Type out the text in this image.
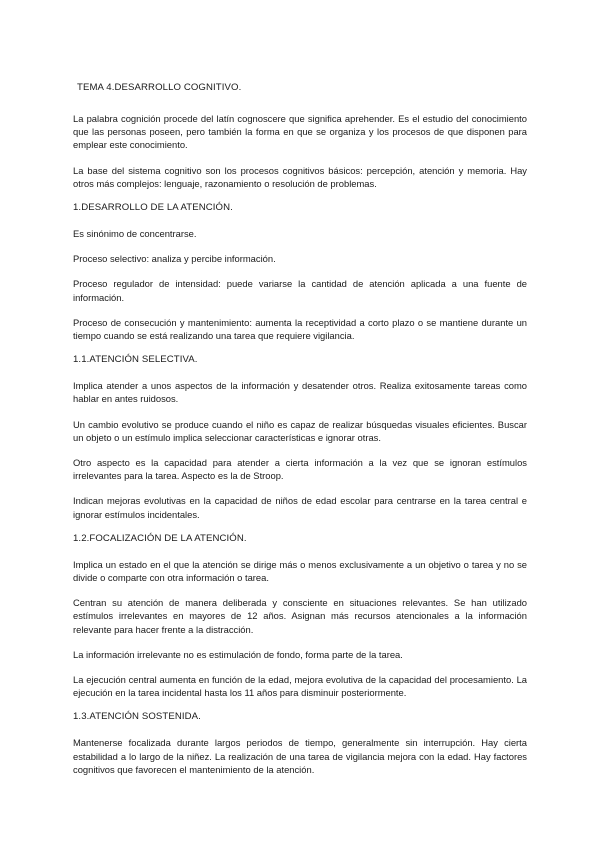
TEMA 4.DESARROLLO COGNITIVO.

La palabra cognición procede del latín cognoscere que significa aprehender. Es el estudio del conocimiento que las personas poseen, pero también la forma en que se organiza y los procesos de que disponen para emplear este conocimiento.

La base del sistema cognitivo son los procesos cognitivos básicos: percepción, atención y memoria. Hay otros más complejos: lenguaje, razonamiento o resolución de problemas.

1.DESARROLLO DE LA ATENCIÓN.

Es sinónimo de concentrarse.

Proceso selectivo: analiza y percibe información.

Proceso regulador de intensidad: puede variarse la cantidad de atención aplicada a una fuente de información.

Proceso de consecución y mantenimiento: aumenta la receptividad a corto plazo o se mantiene durante un tiempo cuando se está realizando una tarea que requiere vigilancia.

1.1.ATENCIÓN SELECTIVA.

Implica atender a unos aspectos de la información y desatender otros. Realiza exitosamente tareas como hablar en antes ruidosos.

Un cambio evolutivo se produce cuando el niño es capaz de realizar búsquedas visuales eficientes. Buscar un objeto o un estímulo implica seleccionar características e ignorar otras.

Otro aspecto es la capacidad para atender a cierta información a la vez que se ignoran estímulos irrelevantes para la tarea. Aspecto es la de Stroop.

Indican mejoras evolutivas en la capacidad de niños de edad escolar para centrarse en la tarea central e ignorar estímulos incidentales.

1.2.FOCALIZACIÓN DE LA ATENCIÓN.

Implica un estado en el que la atención se dirige más o menos exclusivamente a un objetivo o tarea y no se divide o comparte con otra información o tarea.

Centran su atención de manera deliberada y consciente en situaciones relevantes. Se han utilizado estímulos irrelevantes en mayores de 12 años. Asignan más recursos atencionales a la información relevante para hacer frente a la distracción.

La información irrelevante no es estimulación de fondo, forma parte de la tarea.

La ejecución central aumenta en función de la edad, mejora evolutiva de la capacidad del procesamiento. La ejecución en la tarea incidental hasta los 11 años para disminuir posteriormente.

1.3.ATENCIÓN SOSTENIDA.

Mantenerse focalizada durante largos periodos de tiempo, generalmente sin interrupción. Hay cierta estabilidad a lo largo de la niñez. La realización de una tarea de vigilancia mejora con la edad. Hay factores cognitivos que favorecen el mantenimiento de la atención.
